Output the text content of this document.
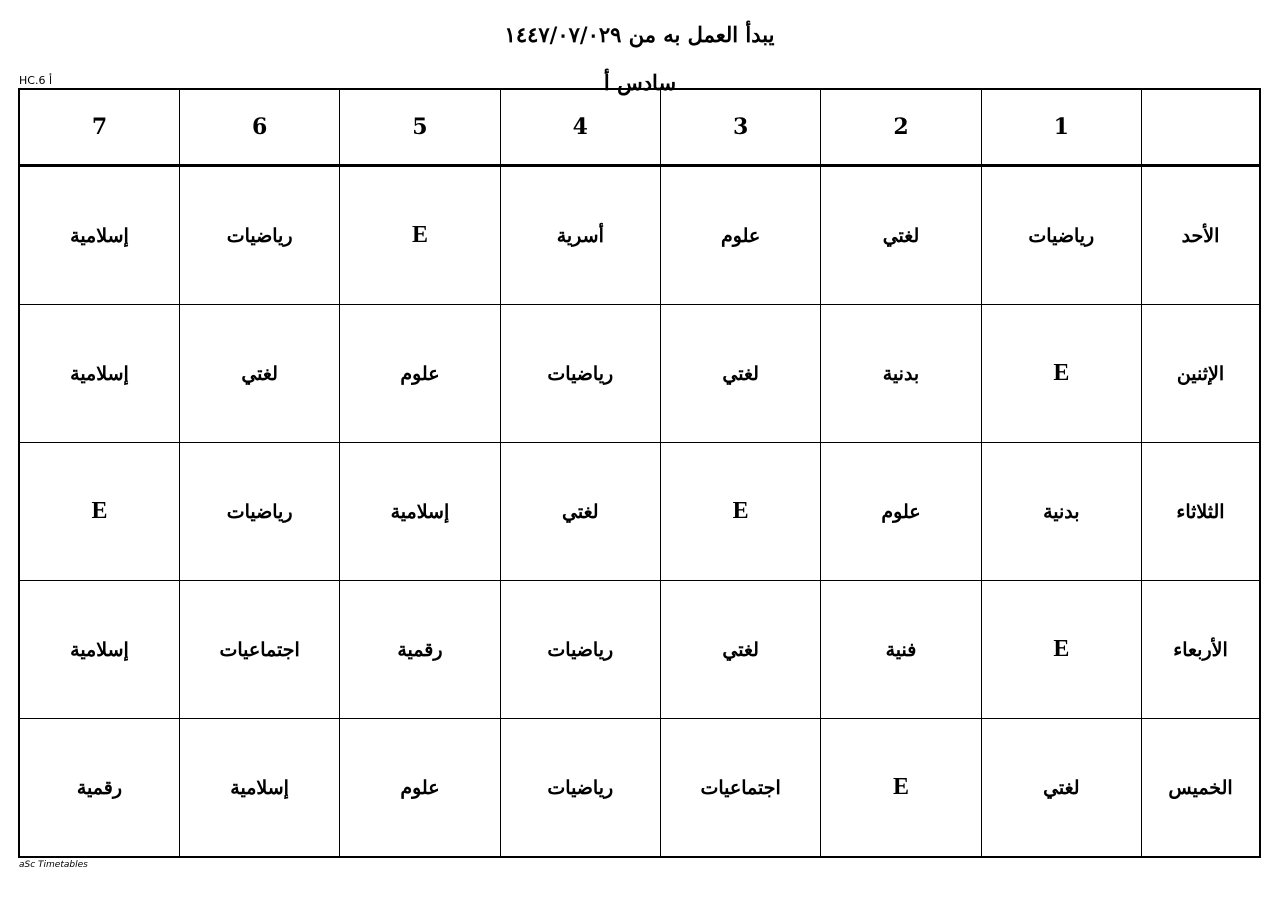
يبدأ العمل به من ١٤٤٧/٠٧/٠٢٩
HC.6 أ
	1	2	3	4	5	6	7
الأحد	رياضيات	لغتي	علوم	أسرية	E	رياضيات	إسلامية
الإثنين	E	بدنية	لغتي	رياضيات	علوم	لغتي	إسلامية
الثلاثاء	بدنية	علوم	E	لغتي	إسلامية	رياضيات	E
الأربعاء	E	فنية	لغتي	رياضيات	رقمية	اجتماعيات	إسلامية
الخميس	لغتي	E	اجتماعيات	رياضيات	علوم	إسلامية	رقمية
سادس أ
aSc Timetables
